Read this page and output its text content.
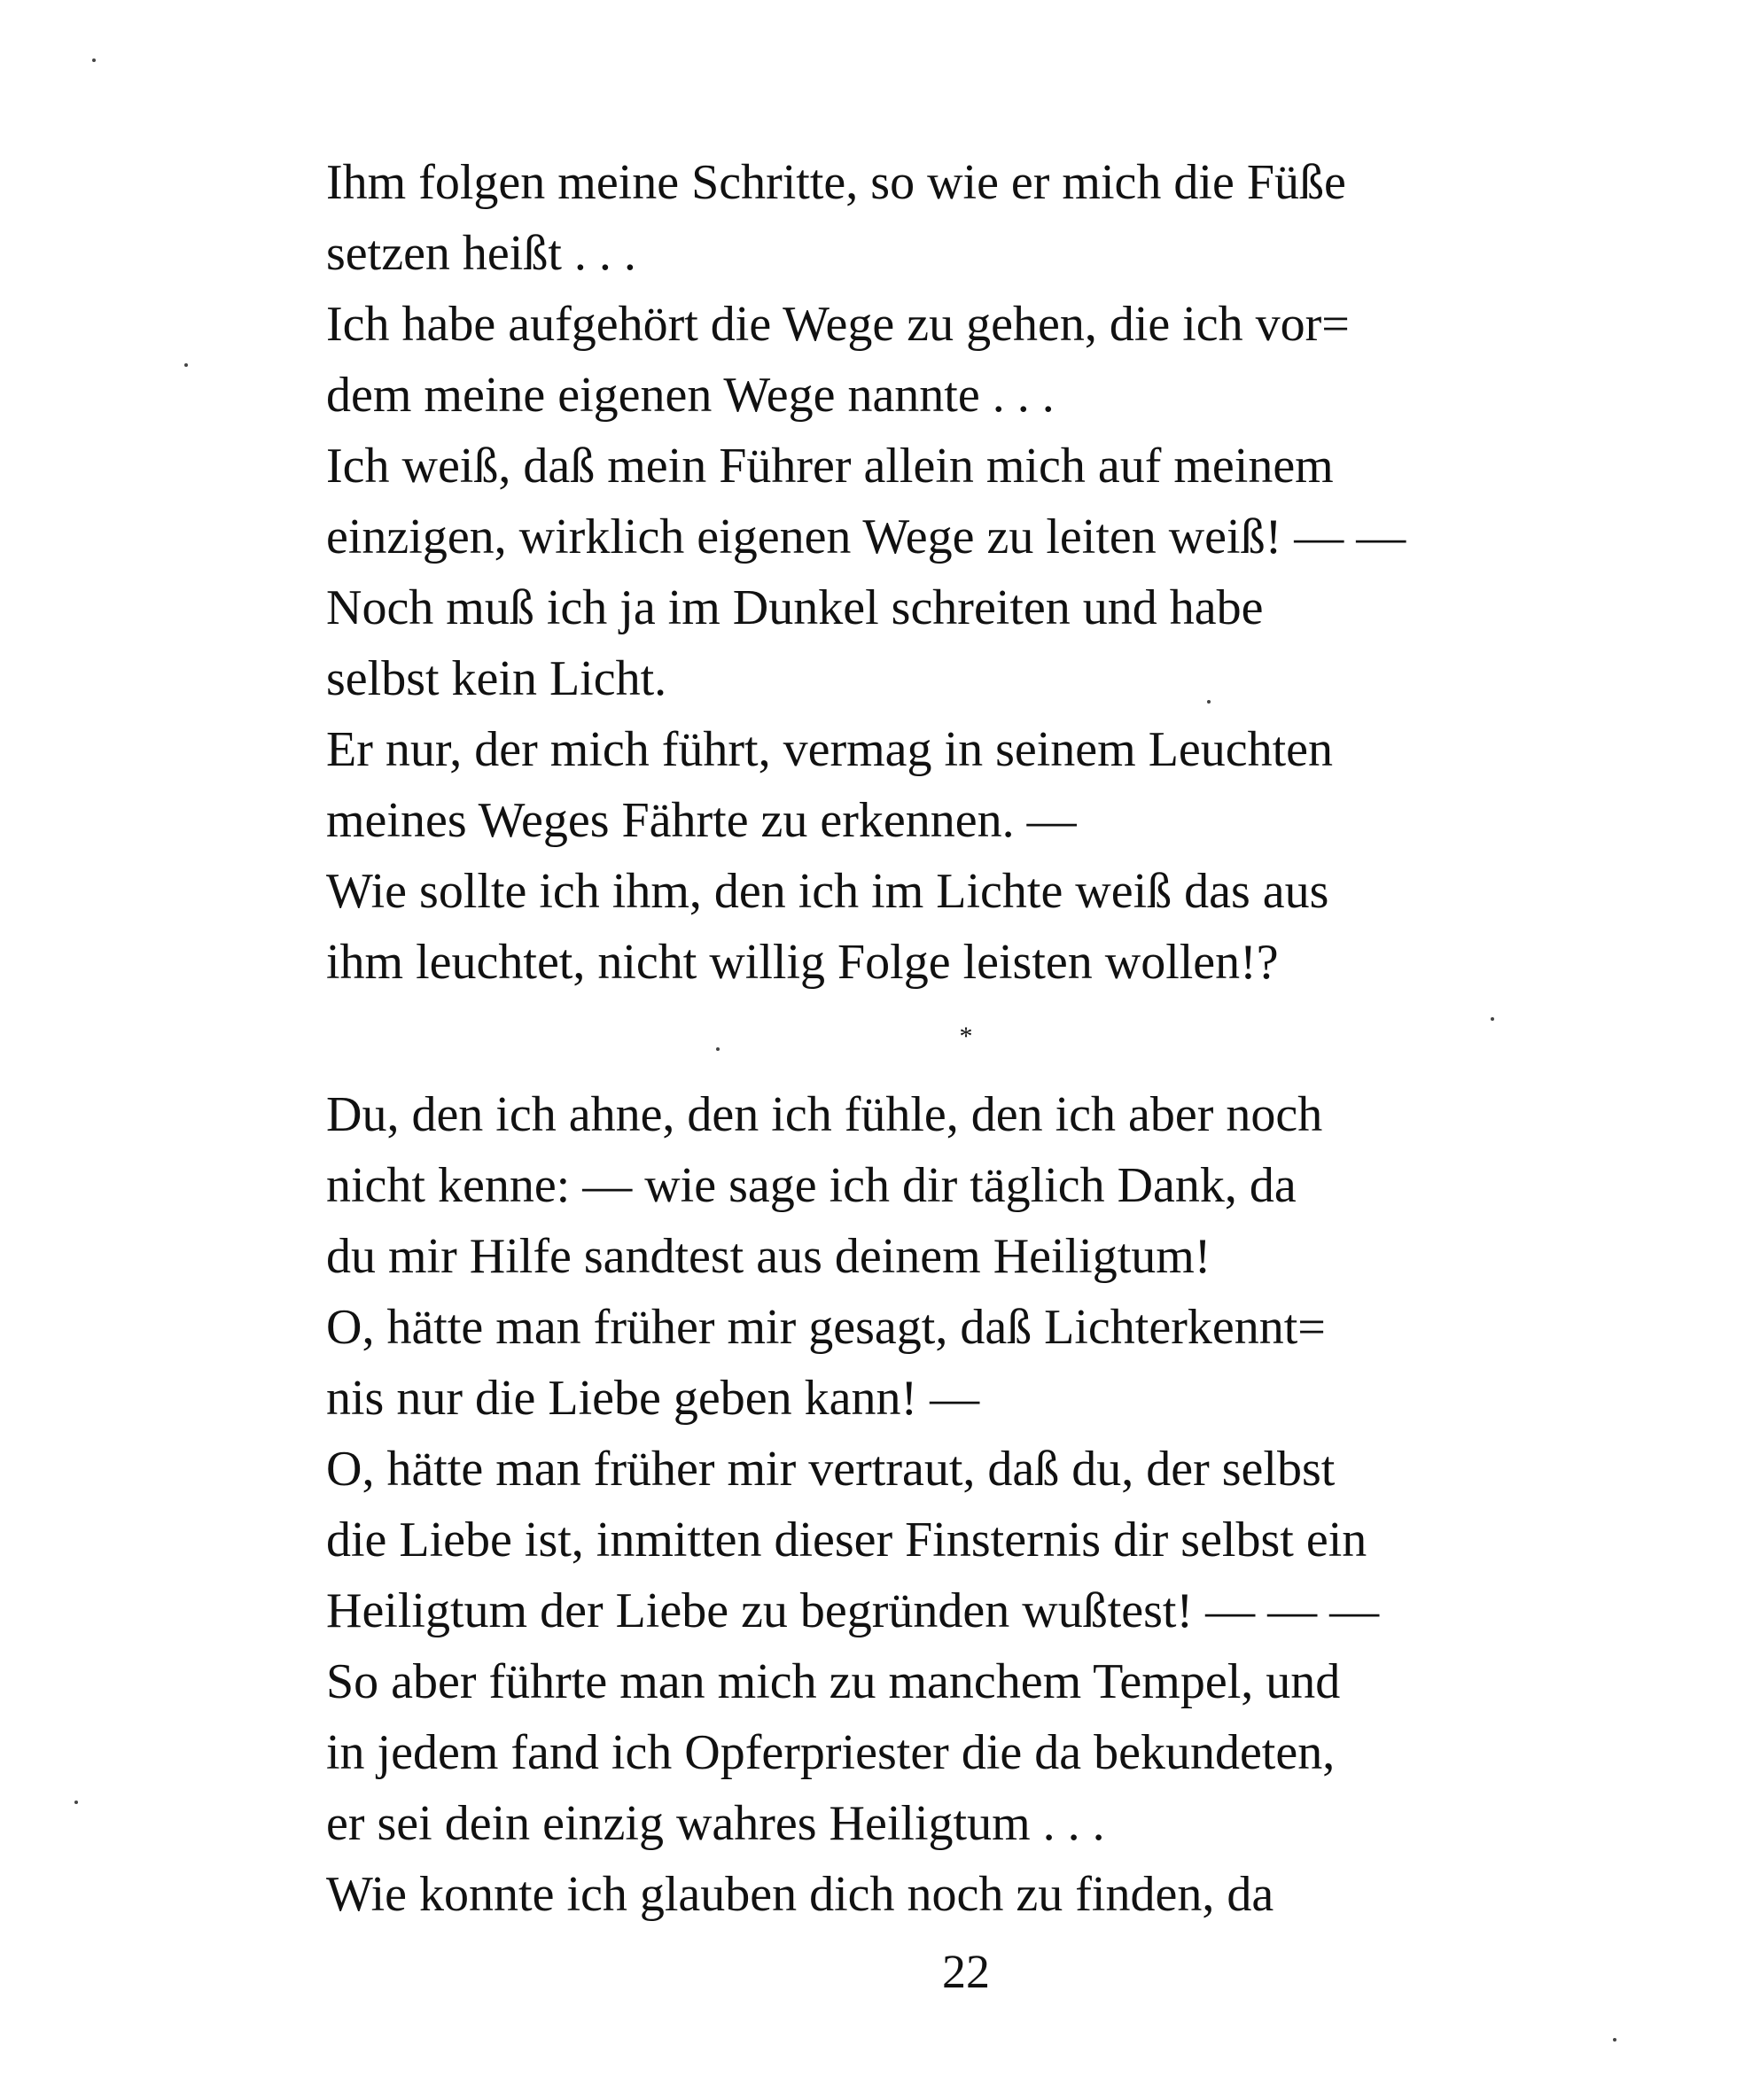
Ihm folgen meine Schritte, so wie er mich die Füße
setzen heißt . . .
Ich habe aufgehört die Wege zu gehen, die ich vor=
dem meine eigenen Wege nannte . . .
Ich weiß, daß mein Führer allein mich auf meinem
einzigen, wirklich eigenen Wege zu leiten weiß! — —
Noch muß ich ja im Dunkel schreiten und habe
selbst kein Licht.
Er nur, der mich führt, vermag in seinem Leuchten
meines Weges Fährte zu erkennen. —
Wie sollte ich ihm, den ich im Lichte weiß das aus
ihm leuchtet, nicht willig Folge leisten wollen!?
*
Du, den ich ahne, den ich fühle, den ich aber noch
nicht kenne: — wie sage ich dir täglich Dank, da
du mir Hilfe sandtest aus deinem Heiligtum!
O, hätte man früher mir gesagt, daß Lichterkennt=
nis nur die Liebe geben kann! —
O, hätte man früher mir vertraut, daß du, der selbst
die Liebe ist, inmitten dieser Finsternis dir selbst ein
Heiligtum der Liebe zu begründen wußtest! — — —
So aber führte man mich zu manchem Tempel, und
in jedem fand ich Opferpriester die da bekundeten,
er sei dein einzig wahres Heiligtum . . .
Wie konnte ich glauben dich noch zu finden, da
22
